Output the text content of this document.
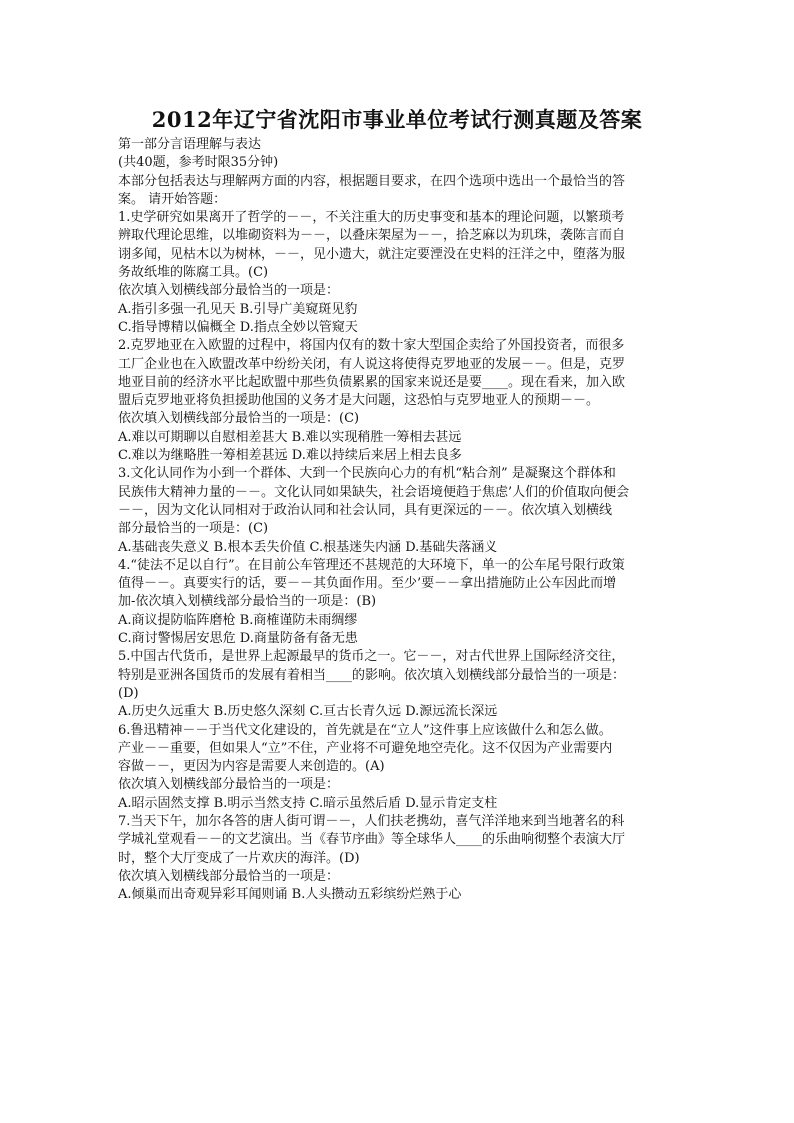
2012年辽宁省沈阳市事业单位考试行测真题及答案

第一部分言语理解与表达

(共40题，参考时限35分钟)

本部分包括表达与理解两方面的内容，根据题目要求，在四个选项中选出一个最恰当的答

案。 请开始答题：

1.史学研究如果离开了哲学的－－，不关注重大的历史事变和基本的理论问题，以繁琐考

辨取代理论思维，以堆砌资料为－－，以叠床架屋为－－，拾芝麻以为玑珠，袭陈言而自

诩多闻，见枯木以为树林，－－，见小遗大，就注定要湮没在史料的汪洋之中，堕落为服

务故纸堆的陈腐工具。(C)

依次填入划横线部分最恰当的一项是：

A.指引多强一孔见天 B.引导广美窥斑见豹

C.指导博精以偏概全 D.指点全妙以管窥天

2.克罗地亚在入欧盟的过程中，将国内仅有的数十家大型国企卖给了外国投资者，而很多

工厂企业也在入欧盟改革中纷纷关闭，有人说这将使得克罗地亚的发展－－。但是，克罗

地亚目前的经济水平比起欧盟中那些负债累累的国家来说还是要____。现在看来，加入欧

盟后克罗地亚将负担援助他国的义务才是大问题，这恐怕与克罗地亚人的预期－－。

依次填入划横线部分最恰当的一项是：(C)

A.难以可期聊以自慰相差甚大 B.难以实现稍胜一筹相去甚远

C.难以为继略胜一筹相差甚远 D.难以持续后来居上相去良多

3.文化认同作为小到一个群体、大到一个民族向心力的有机“粘合剂” 是凝聚这个群体和

民族伟大精神力量的－－。文化认同如果缺失，社会语境便趋于焦虑’人们的价值取向便会

－－，因为文化认同相对于政治认同和社会认同，具有更深远的－－。依次填入划横线

部分最恰当的一项是：(C)

A.基础丧失意义 B.根本丢失价值 C.根基迷失内涵 D.基础失落涵义

4.“徒法不足以自行”。在目前公车管理还不甚规范的大环境下，单一的公车尾号限行政策

值得－－。真要实行的话，要－－其负面作用。至少’要－－拿出措施防止公车因此而增

加-依次填入划横线部分最恰当的一项是：(B)

A.商议提防临阵磨枪 B.商榷谨防未雨绸缪

C.商讨警惕居安思危 D.商量防备有备无患

5.中国古代货币，是世界上起源最早的货币之一。它－－，对古代世界上国际经济交往，

特别是亚洲各国货币的发展有着相当____的影响。依次填入划横线部分最恰当的一项是：

(D)

A.历史久远重大 B.历史悠久深刻 C.亘古长青久远 D.源远流长深远

6.鲁迅精神－－于当代文化建设的，首先就是在“立人”这件事上应该做什么和怎么做。

产业－－重要，但如果人“立”不住，产业将不可避免地空壳化。这不仅因为产业需要内

容做－－，更因为内容是需要人来创造的。(A)

依次填入划横线部分最恰当的一项是：

A.昭示固然支撑 B.明示当然支持 C.暗示虽然后盾 D.显示肯定支柱

7.当天下午，加尔各答的唐人街可谓－－，人们扶老携幼，喜气洋洋地来到当地著名的科

学城礼堂观看－－的文艺演出。当《春节序曲》等全球华人____的乐曲响彻整个表演大厅

时，整个大厅变成了一片欢庆的海洋。(D)

依次填入划横线部分最恰当的一项是：

A.倾巢而出奇观异彩耳闻则诵 B.人头攒动五彩缤纷烂熟于心
